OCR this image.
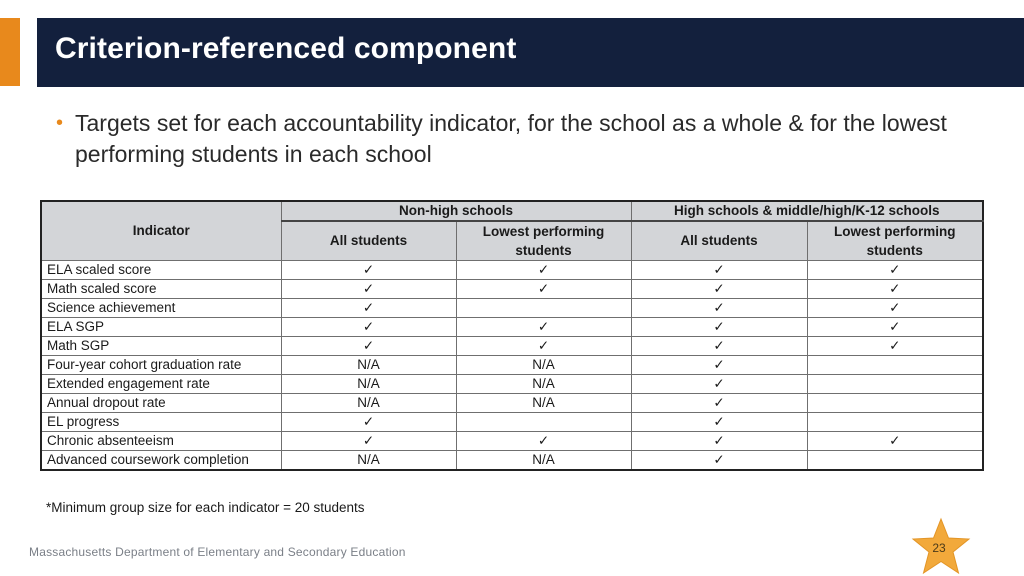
Criterion-referenced component
• Targets set for each accountability indicator, for the school as a whole & for the lowest performing students in each school
Indicator	Non-high schools		High schools & middle/high/K-12 schools	
	All students	Lowest performing students	All students	Lowest performing students
ELA scaled score	✓	✓	✓	✓
Math scaled score	✓	✓	✓	✓
Science achievement	✓		✓	✓
ELA SGP	✓	✓	✓	✓
Math SGP	✓	✓	✓	✓
Four-year cohort graduation rate	N/A	N/A	✓	
Extended engagement rate	N/A	N/A	✓	
Annual dropout rate	N/A	N/A	✓	
EL progress	✓		✓	
Chronic absenteeism	✓	✓	✓	✓
Advanced coursework completion	N/A	N/A	✓	
*Minimum group size for each indicator = 20 students
Massachusetts Department of Elementary and Secondary Education	23
